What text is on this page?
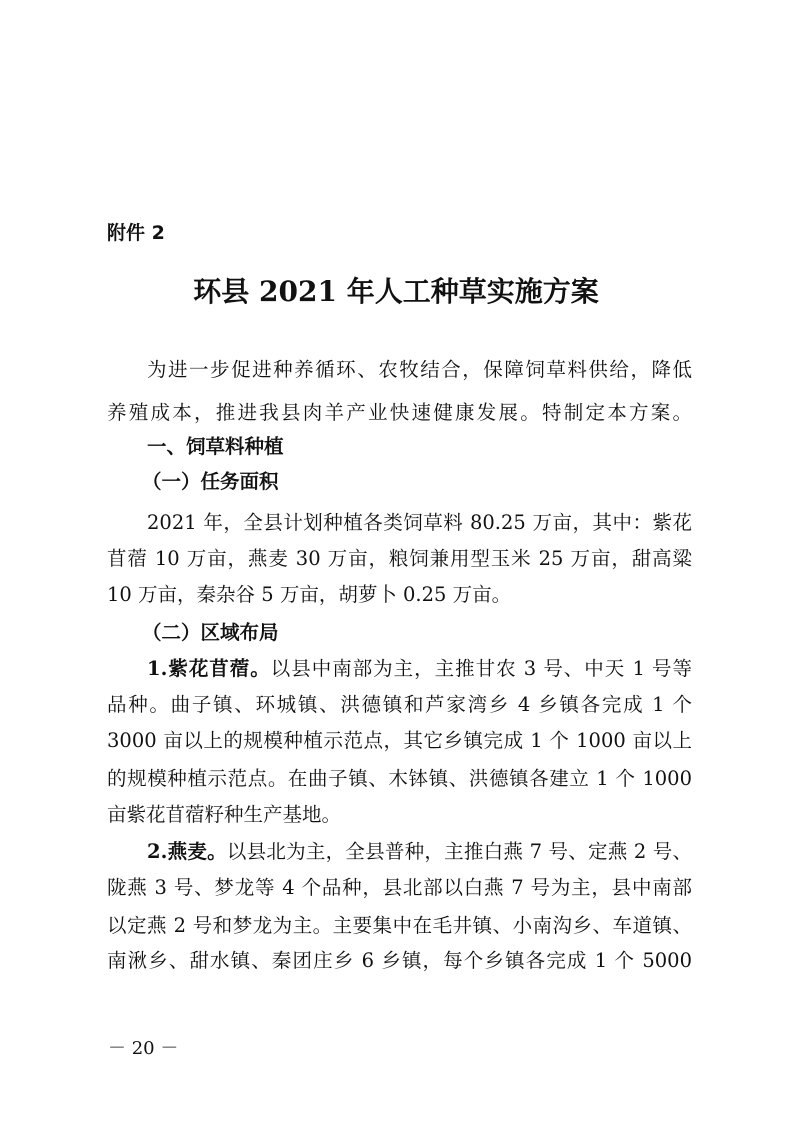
附件 2
环县 2021 年人工种草实施方案
为进一步促进种养循环、农牧结合，保障饲草料供给，降低
养殖成本，推进我县肉羊产业快速健康发展。特制定本方案。
一、饲草料种植
（一）任务面积
2021 年，全县计划种植各类饲草料 80.25 万亩，其中：紫花
苜蓿 10 万亩，燕麦 30 万亩，粮饲兼用型玉米 25 万亩，甜高粱
10 万亩，秦杂谷 5 万亩，胡萝卜 0.25 万亩。
（二）区域布局
1.紫花苜蓿。以县中南部为主，主推甘农 3 号、中天 1 号等
品种。曲子镇、环城镇、洪德镇和芦家湾乡 4 乡镇各完成 1 个
3000 亩以上的规模种植示范点，其它乡镇完成 1 个 1000 亩以上
的规模种植示范点。在曲子镇、木钵镇、洪德镇各建立 1 个 1000
亩紫花苜蓿籽种生产基地。
2.燕麦。以县北为主，全县普种，主推白燕 7 号、定燕 2 号、
陇燕 3 号、梦龙等 4 个品种，县北部以白燕 7 号为主，县中南部
以定燕 2 号和梦龙为主。主要集中在毛井镇、小南沟乡、车道镇、
南湫乡、甜水镇、秦团庄乡 6 乡镇，每个乡镇各完成 1 个 5000
－ 20 －
